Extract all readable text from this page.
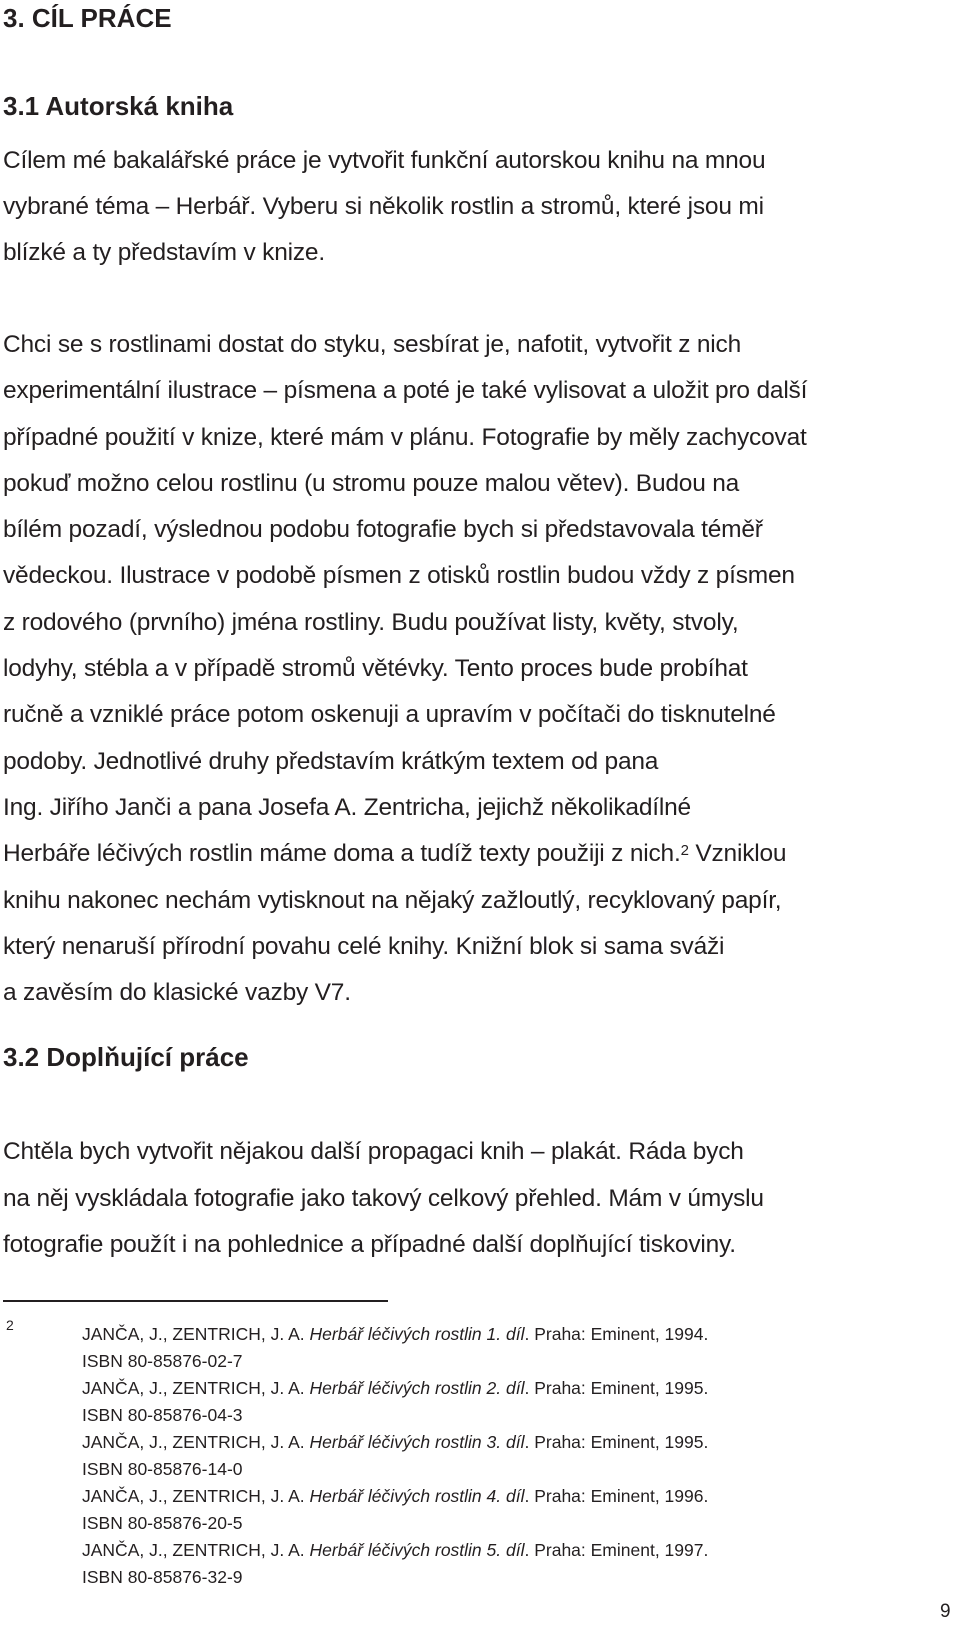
3. CÍL PRÁCE
3.1 Autorská kniha

Cílem mé bakalářské práce je vytvořit funkční autorskou knihu na mnou
vybrané téma – Herbář. Vyberu si několik rostlin a stromů, které jsou mi
blízké a ty představím v knize.

Chci se s rostlinami dostat do styku, sesbírat je, nafotit, vytvořit z nich
experimentální ilustrace – písmena a poté je také vylisovat a uložit pro další
případné použití v knize, které mám v plánu. Fotografie by měly zachycovat
pokuď možno celou rostlinu (u stromu pouze malou větev). Budou na
bílém pozadí, výslednou podobu fotografie bych si představovala téměř
vědeckou. Ilustrace v podobě písmen z otisků rostlin budou vždy z písmen
z rodového (prvního) jména rostliny. Budu používat listy, květy, stvoly,
lodyhy, stébla a v případě stromů větévky. Tento proces bude probíhat
ručně a vzniklé práce potom oskenuji a upravím v počítači do tisknutelné
podoby. Jednotlivé druhy představím krátkým textem od pana
Ing. Jiřího Janči a pana Josefa A. Zentricha, jejichž několikadílné
Herbáře léčivých rostlin máme doma a tudíž texty použiji z nich.$^2$ Vzniklou
knihu nakonec nechám vytisknout na nějaký zažloutlý, recyklovaný papír,
který nenaruší přírodní povahu celé knihy. Knižní blok si sama sváži
a zavěsím do klasické vazby V7.

3.2 Doplňující práce

Chtěla bych vytvořit nějakou další propagaci knih – plakát. Ráda bych
na něj vyskládala fotografie jako takový celkový přehled. Mám v úmyslu
fotografie použít i na pohlednice a případné další doplňující tiskoviny.

2	JANČA, J., ZENTRICH, J. A. Herbář léčivých rostlin 1. díl. Praha: Eminent, 1994.
ISBN 80-85876-02-7
JANČA, J., ZENTRICH, J. A. Herbář léčivých rostlin 2. díl. Praha: Eminent, 1995.
ISBN 80-85876-04-3
JANČA, J., ZENTRICH, J. A. Herbář léčivých rostlin 3. díl. Praha: Eminent, 1995.
ISBN 80-85876-14-0
JANČA, J., ZENTRICH, J. A. Herbář léčivých rostlin 4. díl. Praha: Eminent, 1996.
ISBN 80-85876-20-5
JANČA, J., ZENTRICH, J. A. Herbář léčivých rostlin 5. díl. Praha: Eminent, 1997.
ISBN 80-85876-32-9
9
